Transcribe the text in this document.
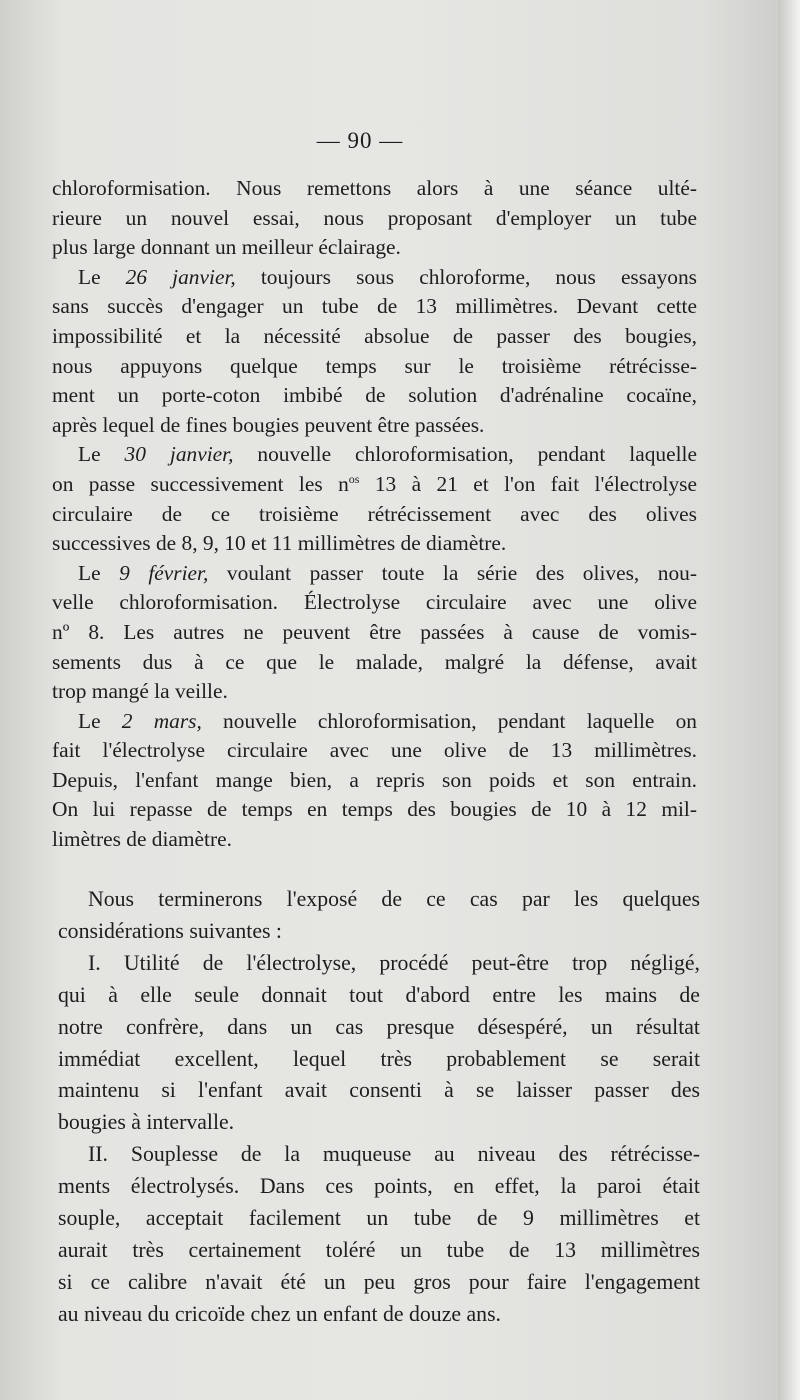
— 90 —
chloroformisation. Nous remettons alors à une séance ulté-
rieure un nouvel essai, nous proposant d'employer un tube
plus large donnant un meilleur éclairage.
Le 26 janvier, toujours sous chloroforme, nous essayons
sans succès d'engager un tube de 13 millimètres. Devant cette
impossibilité et la nécessité absolue de passer des bougies,
nous appuyons quelque temps sur le troisième rétrécisse-
ment un porte-coton imbibé de solution d'adrénaline cocaïne,
après lequel de fines bougies peuvent être passées.
Le 30 janvier, nouvelle chloroformisation, pendant laquelle
on passe successivement les $n^{os}$ 13 à 21 et l'on fait l'électrolyse
circulaire de ce troisième rétrécissement avec des olives
successives de 8, 9, 10 et 11 millimètres de diamètre.
Le 9 février, voulant passer toute la série des olives, nou-
velle chloroformisation. Électrolyse circulaire avec une olive
nº 8. Les autres ne peuvent être passées à cause de vomis-
sements dus à ce que le malade, malgré la défense, avait
trop mangé la veille.
Le 2 mars, nouvelle chloroformisation, pendant laquelle on
fait l'électrolyse circulaire avec une olive de 13 millimètres.
Depuis, l'enfant mange bien, a repris son poids et son entrain.
On lui repasse de temps en temps des bougies de 10 à 12 mil-
limètres de diamètre.
Nous terminerons l'exposé de ce cas par les quelques
considérations suivantes :
I. Utilité de l'électrolyse, procédé peut-être trop négligé,
qui à elle seule donnait tout d'abord entre les mains de
notre confrère, dans un cas presque désespéré, un résultat
immédiat excellent, lequel très probablement se serait
maintenu si l'enfant avait consenti à se laisser passer des
bougies à intervalle.
II. Souplesse de la muqueuse au niveau des rétrécisse-
ments électrolysés. Dans ces points, en effet, la paroi était
souple, acceptait facilement un tube de 9 millimètres et
aurait très certainement toléré un tube de 13 millimètres
si ce calibre n'avait été un peu gros pour faire l'engagement
au niveau du cricoïde chez un enfant de douze ans.
